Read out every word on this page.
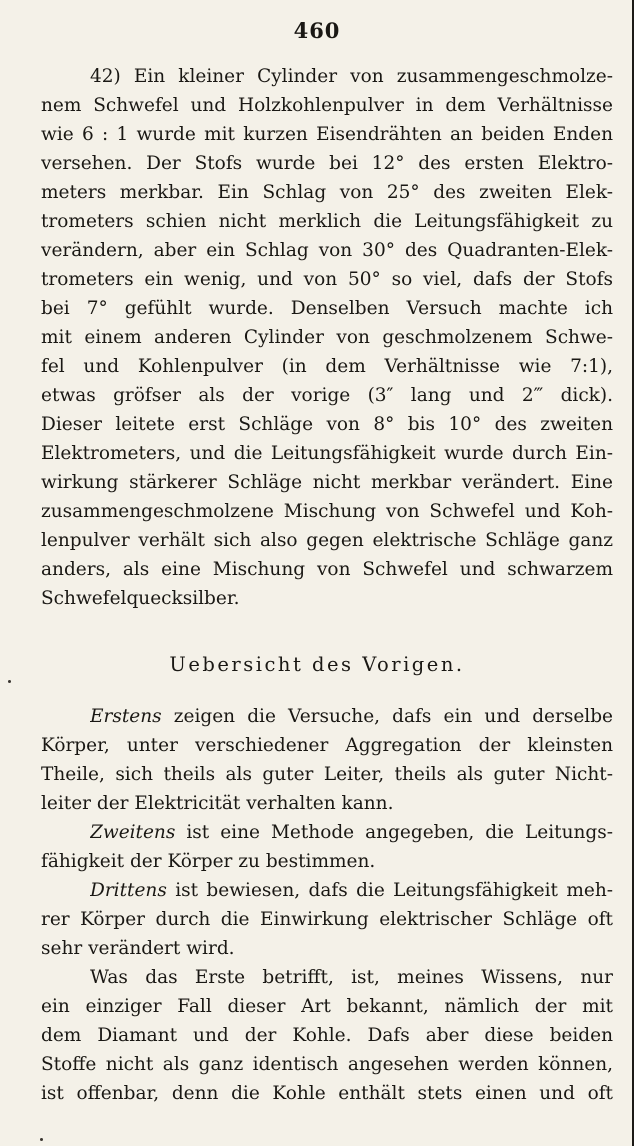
460
42) Ein kleiner Cylinder von zusammengeschmolze-
nem Schwefel und Holzkohlenpulver in dem Verhältnisse
wie 6 : 1 wurde mit kurzen Eisendrähten an beiden Enden
versehen. Der Stofs wurde bei 12° des ersten Elektro-
meters merkbar. Ein Schlag von 25° des zweiten Elek-
trometers schien nicht merklich die Leitungsfähigkeit zu
verändern, aber ein Schlag von 30° des Quadranten-Elek-
trometers ein wenig, und von 50° so viel, dafs der Stofs
bei 7° gefühlt wurde. Denselben Versuch machte ich
mit einem anderen Cylinder von geschmolzenem Schwe-
fel und Kohlenpulver (in dem Verhältnisse wie 7:1),
etwas gröfser als der vorige (3″ lang und 2‴ dick).
Dieser leitete erst Schläge von 8° bis 10° des zweiten
Elektrometers, und die Leitungsfähigkeit wurde durch Ein-
wirkung stärkerer Schläge nicht merkbar verändert. Eine
zusammengeschmolzene Mischung von Schwefel und Koh-
lenpulver verhält sich also gegen elektrische Schläge ganz
anders, als eine Mischung von Schwefel und schwarzem
Schwefelquecksilber.
Uebersicht des Vorigen.
Erstens zeigen die Versuche, dafs ein und derselbe
Körper, unter verschiedener Aggregation der kleinsten
Theile, sich theils als guter Leiter, theils als guter Nicht-
leiter der Elektricität verhalten kann.
Zweitens ist eine Methode angegeben, die Leitungs-
fähigkeit der Körper zu bestimmen.
Drittens ist bewiesen, dafs die Leitungsfähigkeit meh-
rer Körper durch die Einwirkung elektrischer Schläge oft
sehr verändert wird.
Was das Erste betrifft, ist, meines Wissens, nur
ein einziger Fall dieser Art bekannt, nämlich der mit
dem Diamant und der Kohle. Dafs aber diese beiden
Stoffe nicht als ganz identisch angesehen werden können,
ist offenbar, denn die Kohle enthält stets einen und oft
